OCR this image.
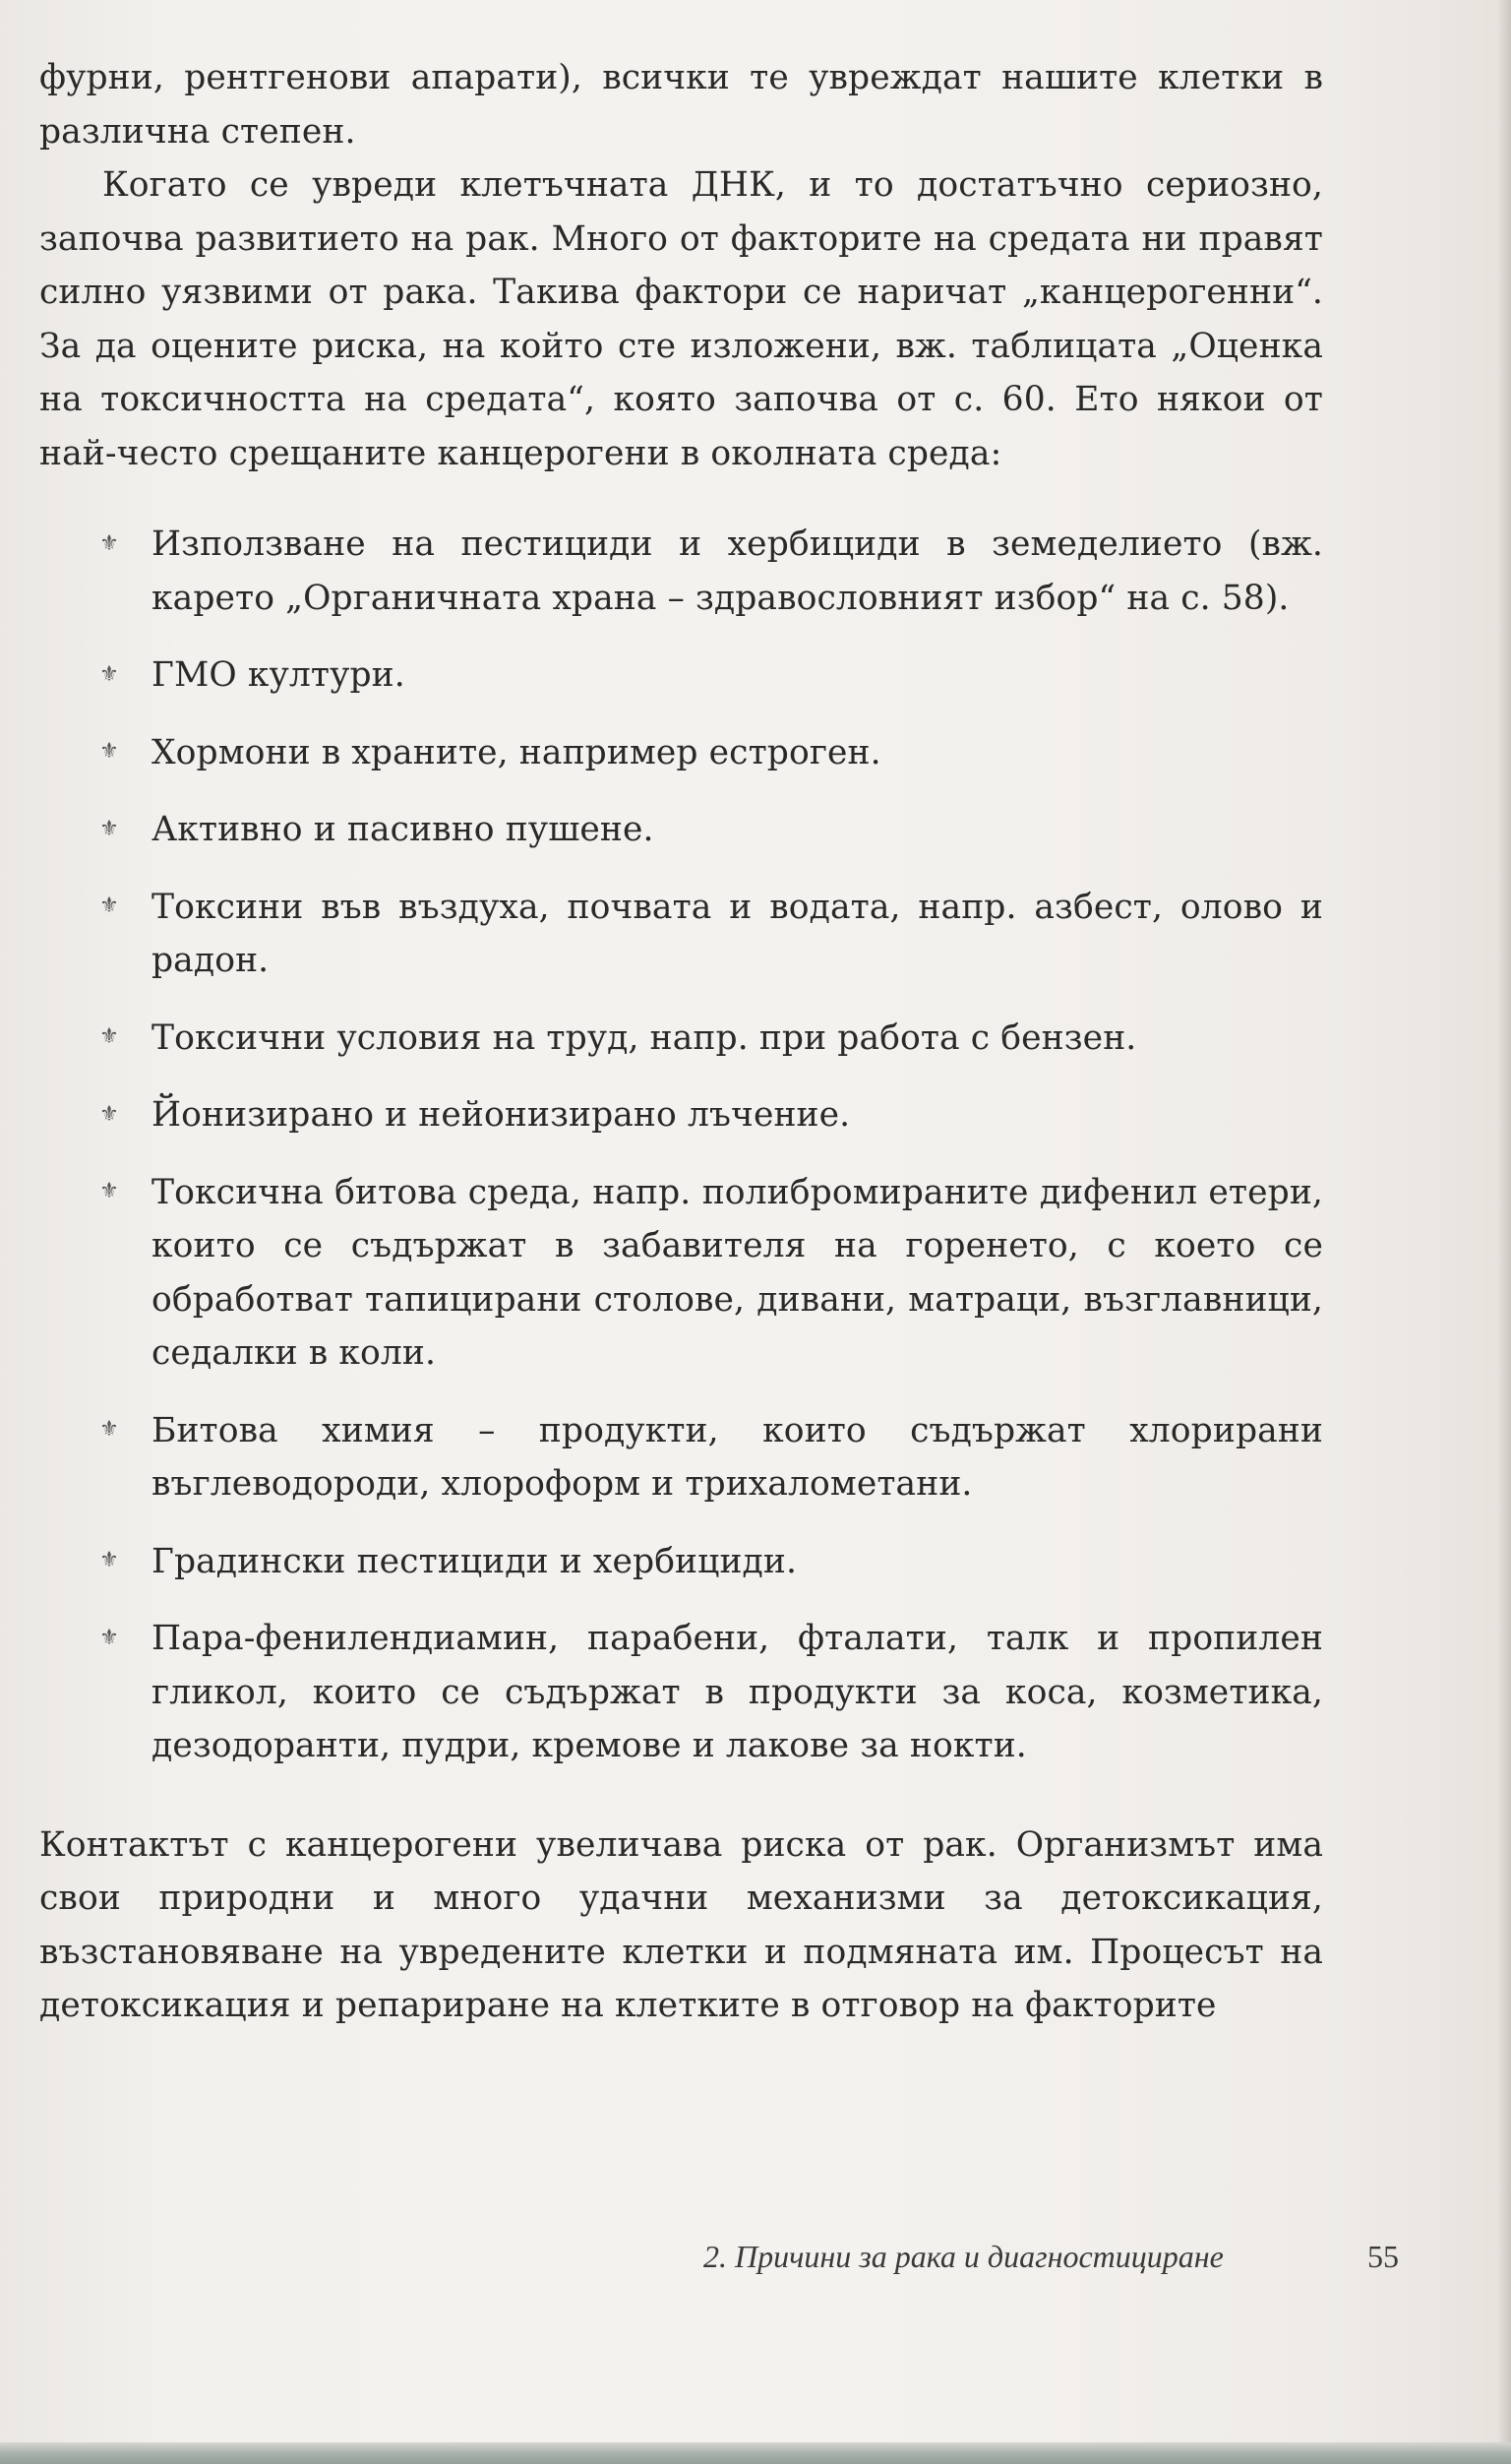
фурни, рентгенови апарати), всички те увреждат нашите клетки в различна степен.

Когато се увреди клетъчната ДНК, и то достатъчно сериозно, започва развитието на рак. Много от факторите на средата ни правят силно уязвими от рака. Такива фактори се наричат „канцерогенни“. За да оцените риска, на който сте изложени, вж. таблицата „Оценка на токсичността на средата“, която започва от с. 60. Ето някои от най-често срещаните канцерогени в околната среда:

⚜ Използване на пестициди и хербициди в земеделието (вж. карето „Органичната храна – здравословният избор“ на с. 58).
⚜ ГМО култури.
⚜ Хормони в храните, например естроген.
⚜ Активно и пасивно пушене.
⚜ Токсини във въздуха, почвата и водата, напр. азбест, олово и радон.
⚜ Токсични условия на труд, напр. при работа с бензен.
⚜ Йонизирано и нейонизирано лъчение.
⚜ Токсична битова среда, напр. полибромираните дифенил етери, които се съдържат в забавителя на горенето, с което се обработват тапицирани столове, дивани, матраци, възглавници, седалки в коли.
⚜ Битова химия – продукти, които съдържат хлорирани въглеводороди, хлороформ и трихалометани.
⚜ Градински пестициди и хербициди.
⚜ Пара-фенилендиамин, парабени, фталати, талк и пропилен гликол, които се съдържат в продукти за коса, козметика, дезодоранти, пудри, кремове и лакове за нокти.

Контактът с канцерогени увеличава риска от рак. Организмът има свои природни и много удачни механизми за детоксикация, възстановяване на увредените клетки и подмяната им. Процесът на детоксикация и репариране на клетките в отговор на факторите

2. Причини за рака и диагностициране	55
